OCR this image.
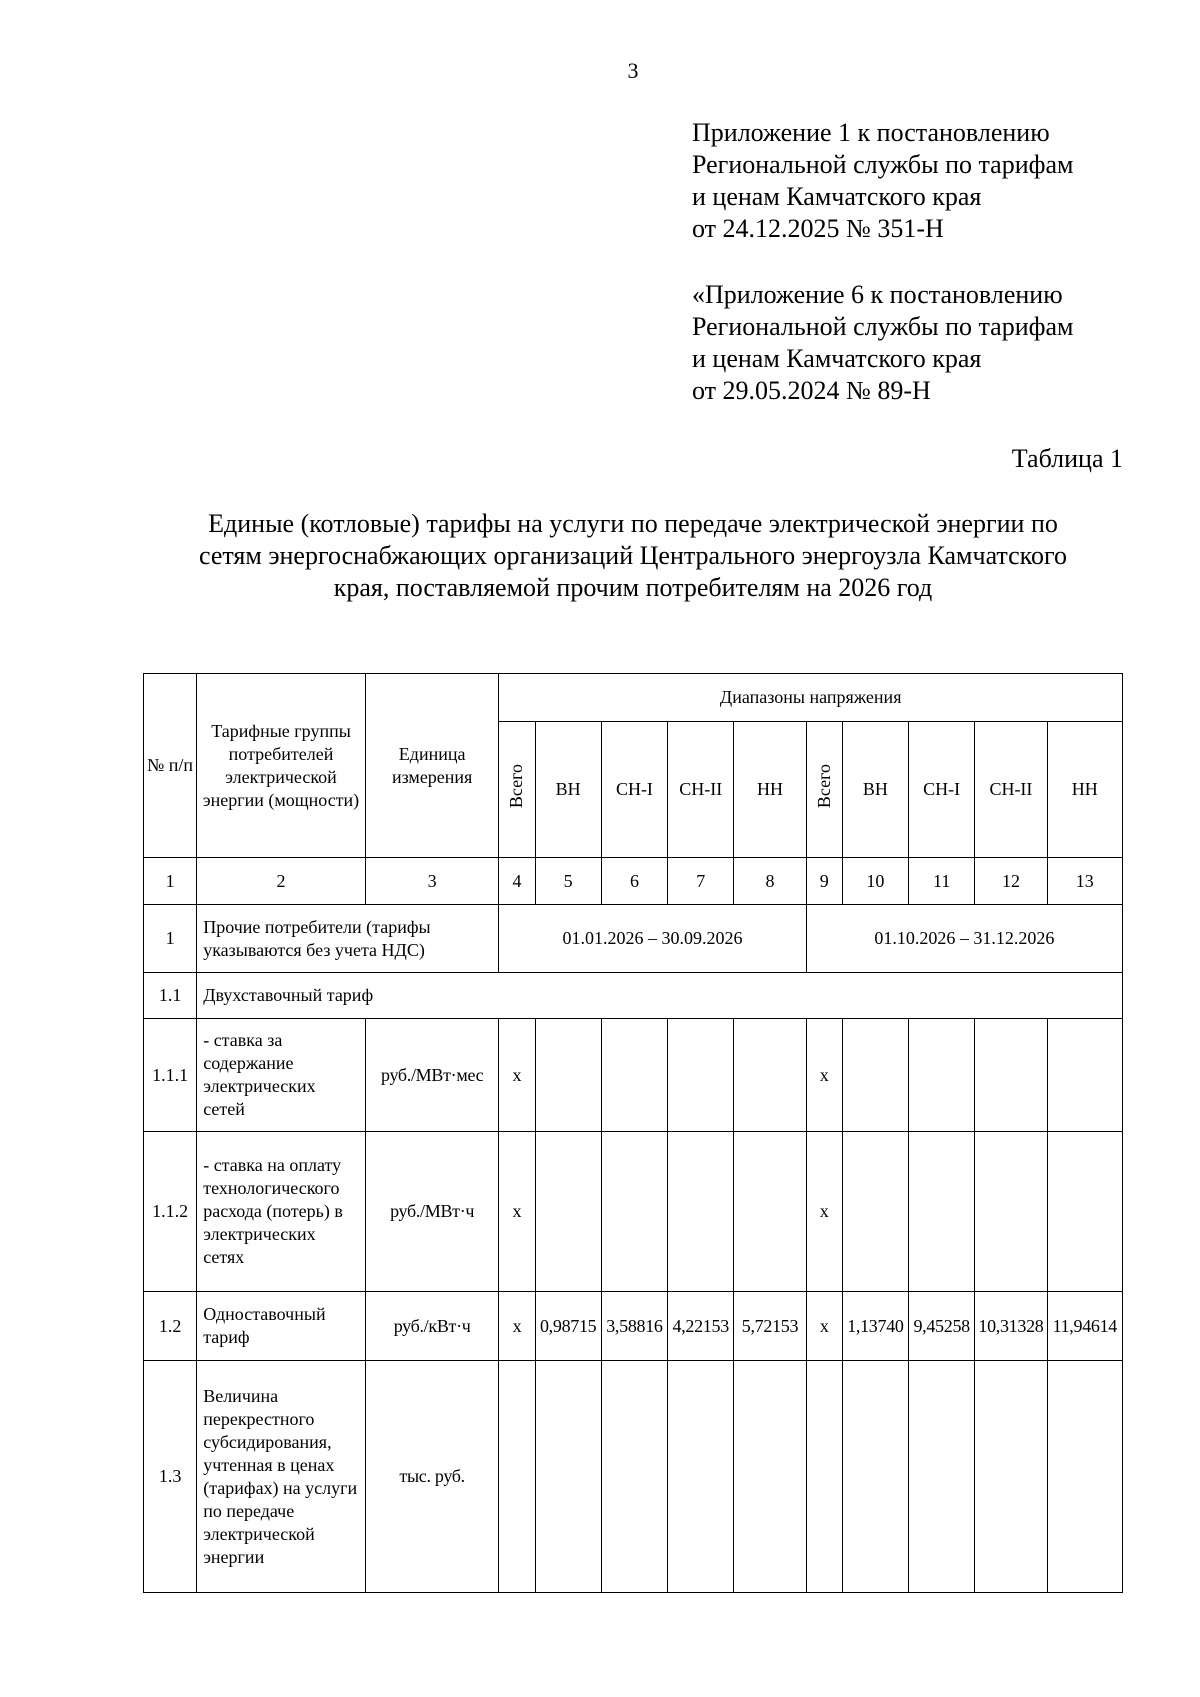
3
Приложение 1 к постановлению
Региональной службы по тарифам
и ценам Камчатского края
от 24.12.2025 № 351-Н
«Приложение 6 к постановлению
Региональной службы по тарифам
и ценам Камчатского края
от 29.05.2024 № 89-Н
Таблица 1
Единые (котловые) тарифы на услуги по передаче электрической энергии по
сетям энергоснабжающих организаций Центрального энергоузла Камчатского
края, поставляемой прочим потребителям на 2026 год
№ п/п	Тарифные группы потребителей электрической энергии (мощности)	Единица измерения	Диапазоны напряжения									
			Всего	ВН	СН-I	СН-II	НН	Всего	ВН	СН-I	СН-II	НН
1	2	3	4	5	6	7	8	9	10	11	12	13
1	Прочие потребители (тарифы указываются без учета НДС)		01.01.2026 – 30.09.2026					01.10.2026 – 31.12.2026				
1.1	Двухставочный тариф											
1.1.1	- ставка за содержание электрических сетей	руб./МВт·мес	x					x				
1.1.2	- ставка на оплату технологического расхода (потерь) в электрических сетях	руб./МВт·ч	x					x				
1.2	Одноставочный тариф	руб./кВт·ч	x	0,98715	3,58816	4,22153	5,72153	x	1,13740	9,45258	10,31328	11,94614
1.3	Величина перекрестного субсидирования, учтенная в ценах (тарифах) на услуги по передаче электрической энергии	тыс. руб.										
